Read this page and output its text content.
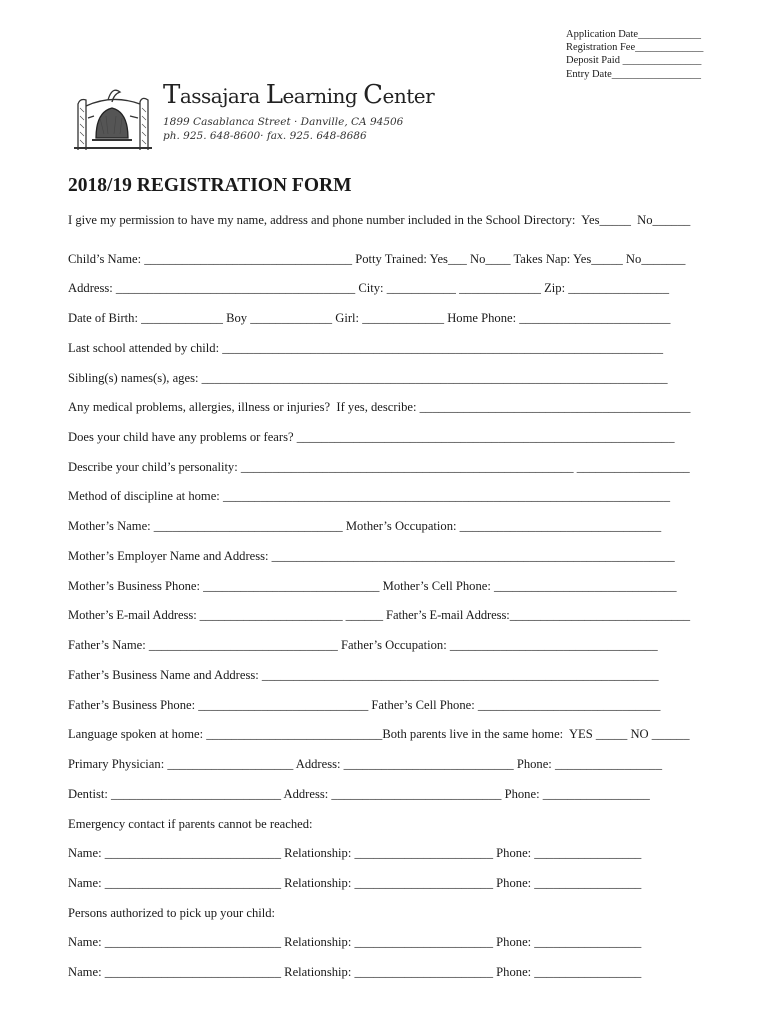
Application Date____________
Registration Fee_____________
Deposit Paid _______________
Entry Date_________________
Tassajara Learning Center
1899 Casablanca Street · Danville, CA 94506
ph. 925. 648-8600· fax. 925. 648-8686
2018/19 REGISTRATION FORM
I give my permission to have my name, address and phone number included in the School Directory:  Yes_____  No______
Child’s Name: _________________________________ Potty Trained: Yes___ No____ Takes Nap: Yes_____ No_______
Address: ______________________________________ City: ___________ _____________ Zip: ________________
Date of Birth: _____________ Boy _____________ Girl: _____________ Home Phone: ________________________
Last school attended by child: ______________________________________________________________________
Sibling(s) names(s), ages: __________________________________________________________________________
Any medical problems, allergies, illness or injuries?  If yes, describe: ___________________________________________
Does your child have any problems or fears? ____________________________________________________________
Describe your child’s personality: _____________________________________________________ __________________
Method of discipline at home: _______________________________________________________________________
Mother’s Name: ______________________________ Mother’s Occupation: ________________________________
Mother’s Employer Name and Address: ________________________________________________________________
Mother’s Business Phone: ____________________________ Mother’s Cell Phone: _____________________________
Mother’s E-mail Address: _______________________ ______ Father’s E-mail Address:_____________________________
Father’s Name: ______________________________ Father’s Occupation: _________________________________
Father’s Business Name and Address: _______________________________________________________________
Father’s Business Phone: ___________________________ Father’s Cell Phone: _____________________________
Language spoken at home: ____________________________Both parents live in the same home:  YES _____ NO ______
Primary Physician: ____________________ Address: ___________________________ Phone: _________________
Dentist: ___________________________ Address: ___________________________ Phone: _________________
Emergency contact if parents cannot be reached:
Name: ____________________________ Relationship: ______________________ Phone: _________________
Name: ____________________________ Relationship: ______________________ Phone: _________________
Persons authorized to pick up your child:
Name: ____________________________ Relationship: ______________________ Phone: _________________
Name: ____________________________ Relationship: ______________________ Phone: _________________
